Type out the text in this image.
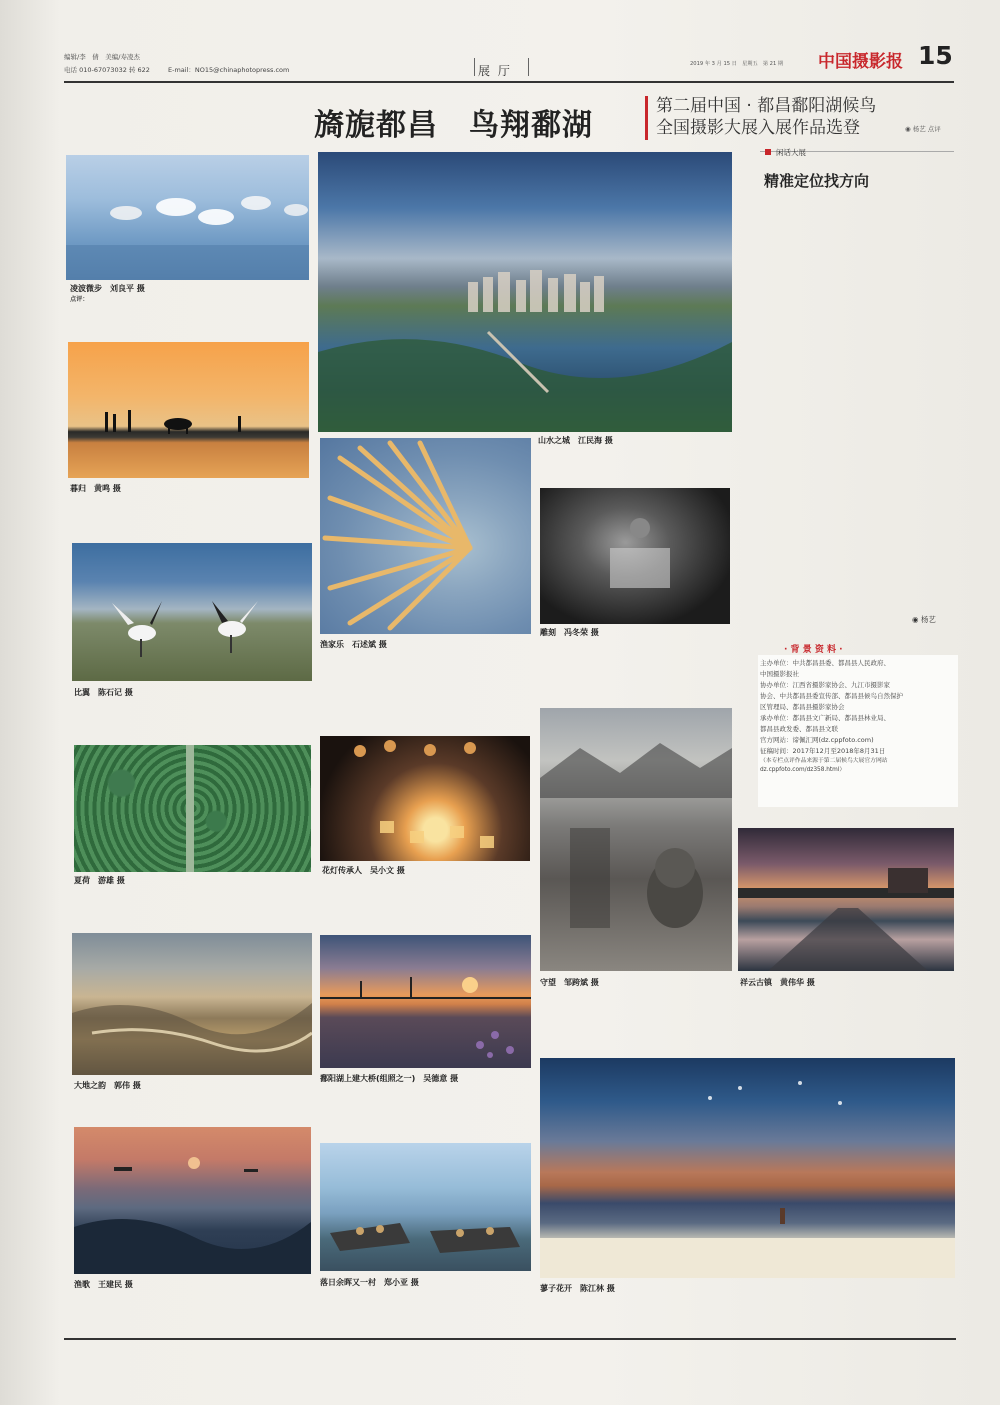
编辑/李　倩　美编/寿凌杰
电话 010-67073032 转 622	E-mail：NO15@chinaphotopress.com	展 厅	2019 年 3 月 15 日　星期五　第 21 期 中国摄影报 15
旖旎都昌　鸟翔鄱湖
第二届中国 · 都昌鄱阳湖候鸟
全国摄影大展入展作品选登	◉ 杨艺 点评
凌波微步　刘良平 摄
点评：
暮归　黄鸣 摄
比翼　陈石记 摄
夏荷　游雄 摄
大地之韵　郭伟 摄
渔歌　王建民 摄
山水之城　江民海 摄
渔家乐　石述斌 摄
雕刻　冯冬荣 摄
花灯传承人　吴小文 摄
鄱阳湖上建大桥(组照之一)　吴德意 摄
落日余晖又一村　郑小亚 摄
守望　邹跨斌 摄	祥云古镇　黄伟华 摄
蓼子花开　陈江林 摄
闲话大展
精准定位找方向
◉ 杨艺
· 背 景 资 料 ·
主办单位：中共都昌县委、都昌县人民政府、
中国摄影报社
协办单位：江西省摄影家协会、九江市摄影家
协会、中共都昌县委宣传部、都昌县候鸟自然保护
区管理局、都昌县摄影家协会
承办单位：都昌县文广新局、都昌县林业局、
都昌县政发委、都昌县文联
官方网站：谛佩汇网(dz.cppfoto.com)
征稿时间：2017年12月至2018年8月31日
（本专栏点评作品来源于第二届候鸟大展官方网站 dz.cppfoto.com/dz358.html）
